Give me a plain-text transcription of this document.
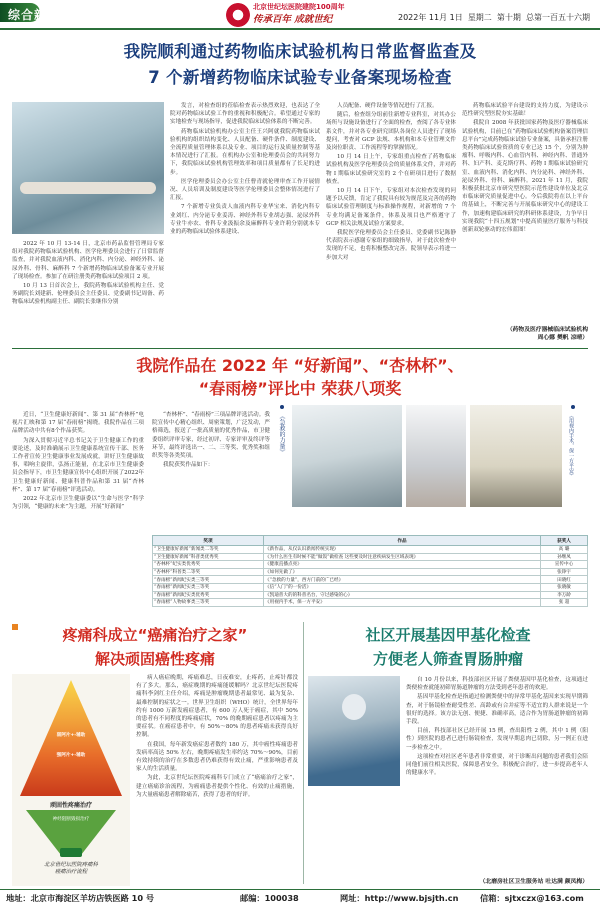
综合新闻
北京世纪坛医院建院100周年
传承百年 成就世纪	2022年 11月 1日 星期二 第十期 总第一百五十六期
我院顺利通过药物临床试验机构日常监督监查及
7 个新增药物临床试验专业备案现场检查

2022 年 10 月 13-14 日，北京市药品监督管理局专家组对我院药物临床试验机构、医学伦理委员会进行了日常监督监查，并对我院血液内科、消化内科、内分泌、神经外科、泌尿外科、骨科、麻醉科 7 个新增药物临床试验备案专业开展了现场检查。参加了在研注册类药物临床试验项目 2 项。

10 月 13 日首次会上，我院药物临床试验机构主任、党务副院长刘建新、伦理委员会主任委员、党委副书记周备、药物临床试验机构副主任、副院长张继伟分别

发言，对检查组的莅临检查表示热烈欢迎，也表达了全院对药物临床试验工作的重视和积极配合。希望通过专家的实地检查与现场指导，促进我院临床试验体系的不断完善。

药物临床试验机构办公室主任王兴阿就我院药物临床试验机构的组织结构变化、人员配备、硬件条件、制度建设、全流程质量管理体系以及专业、项目的运行及质量控制等基本情况进行了汇报。在机构办公室和伦理委员会的共同努力下，我院临床试验机构管理效率和项目质量都有了长足的进步。

医学伦理委员会办公室主任曹青就伦理审查工作开展情况、人员培训及制度建设等医学伦理委员会整体情况进行了汇报。

7 个新增专业负责人血液内科专业华宝来、消化内科专业刘红、内分泌专业姜涛、神经外科专业胡志强、泌尿外科专业牛亦农、骨科专业汲振余及麻醉科专业许莉分别就本专业的药物临床试验体系建设、

人员配备、硬件设备等情况进行了汇报。

随后，检查组分组前往新增专业科室，对其办公场所与设施设备进行了全面的检查，查阅了各专业体系文件，并对各专业研究团队各岗位人员进行了现场提问，考查对 GCP 法规、本机构和本专业管理文件及岗位职责、工作流程等的掌握情况。

10 月 14 日上午，专家组重点检查了药物临床试验机构及医学伦理委员会的质量体系文件，并对药物 I 期临床试验研究室的 2 个在研项目进行了数据核查。

10 月 14 日下午，专家组对本次检查发现的问题予以反馈，肯定了我院具有较为规范及完善的药物临床试验管理制度与标准操作规程，对新增的 7 个专业均满足备案条件，体系及项目也严格遵守了 GCP 相关法规及试验方案要求。

我院医学伦理委员会主任委员、党委副书记陈静代表院表示感谢专家组的细致指导，对于此次检查中发现的不足，也将积极整改完善。院领导表示将进一步加大对

药物临床试验平台建设的支持力度，为建设示范性研究型医院夯实基础！

我院自 2008 年获批国家药物及医疗器械临床试验机构，目前已在“药物临床试验机构备案管理信息平台”完成药物临床试验专业备案，具备承担注册类药物临床试验资质的专业已达 15 个，分别为肿瘤科、呼吸内科、心血管内科、神经内科、普通外科、妇产科、麦克斯疗科、药物 I 期临床试验研究室、血液内科、消化内科、内分泌科、神经外科、泌尿外科、骨科、麻醉科。2021 年 11 月，我院积极获批北京市研究型医院示范性建设单位及北京市临床研究质量促进中心。今后我院将在以上平台的基础上，不断完善与开展临床研究中心的建设工作，加速构建临床研究的科研体系建设，力争早日实现我院“十四五规划”中提高质量医疗服务与科技创新双轮驱动的宏伟蓝图！

（药物及医疗器械临床试验机构
周心娜 樊帆 凉晴）
我院作品在 2022 年 “好新闻”、“杏林杯”、
“春雨榜”评比中 荣获八项奖

近日，“卫生健康好新闻”、第 31 届“杏林杯”电视片汇映和第 17 届“春雨榜”揭晓。我院作品在三项品牌活动中共有8个作品获奖。

为深入贯彻习近平总书记关于卫生健康工作的重要论述，及时准确展示卫生健康系统宣传干部、医务工作者宣传卫生健康事业发展成就，讲好卫生健康故事，唱响主旋律，弘扬正能量，在北京市卫生健康委员会指导下，市卫生健康宣传中心组织开展了2022年卫生健康好新闻、健康科普作品和第 31 届“杏林杯”、第 17 届“春雨榜”评选活动。

2022 年北京市卫生健康委以“生命与医学”科学为引领，“健康的未来”为主题，开展“好新闻”

“杏林杯”、“春雨榜”三项品牌评选活动。我院宣传中心精心组织、周密策划，广泛发动，严格筛选，报送了一批高质量的优秀作品，市卫健委组织评审专家，经过初评、专家评审及终评等环节，最终评选出一、二、三等奖、优秀奖和组织奖等各类奖项。

我院获奖作品如下：

《急救的力量》	《用视内手术，保一方平安》
奖项	作品	获奖人
“卫生健康好新闻”新闻类二等奖	《新作品，从仅认识新闻传统实现》	高 璐
“卫生健康好新闻”科普类优秀奖	《为什么医生有时候不能“做饭”做检查 这些要及时注意疾病发生区域表现》	孙继凤
“杏林杯”纪实类优秀奖	《健康直播点亮》	宣传中心
“杏林杯”科普类二等奖	《如何先做了》	张铮宇
“春雨榜”新闻纪实类三等奖	《“急救的力量”，西方门前的广已经》	田晓红
“春雨榜”新闻纪实类三等奖	《信“人门”的一份活》	张晓敏
“春雨榜”新闻纪实类优秀奖	《凯迪普大的的科普名台，守过感染的心》	李万龄
“春雨榜”人物故事类三等奖	《用视内手术，保一方平安》	张 超
疼痛科成立“癌痛治疗之家”
解决顽固癌性疼痛
弱阿片+-辅助
强阿片+-辅助
顽固性疼痛治疗
神经阻断毁损治疗
北京世纪坛医院疼痛科
癌痛治疗流程

病人癌症晚期，疼痛难忍，日夜难安，止疼药，止疼针都没有了多大。那么，癌症晚期的疼痛能缓解吗？北京世纪坛医院疼痛科李剑红主任介绍，疼痛是肿瘤晚期患者最常见、最为复杂、最难控制的症状之一。世界卫生组织（WHO）统计，全世界每年约有 1000 万新发癌症患者，有 600 万人死于癌症，其中 50% 的患者有不同程度的疼痛症状，70% 的晚期癌症患者以疼痛为主要症状。在癌症患者中，有 50%～80% 的患者疼痛未获得良好控制。

在我国，每年新发癌症患者数约 180 万，其中癌性疼痛患者发病率高达 50% 左右，晚期疼痛发生率约达 70%～90%，目前有效持续的治疗在多数患者仍难获得有效止痛，严重影响患者及家人的生活质量。

为此，北京世纪坛医院疼痛科专门成立了“癌痛治疗之家”，建立癌痛诊治流程，为癌痛患者提供个性化、有效的止痛措施，为大量癌痛患者解除痛苦，获得了患者的好评。

社区开展基因甲基化检查
方便老人筛查胃肠肿瘤

自 10 月份以来，科技部社区开展了粪便基因甲基化检查，这项通过粪便检查就能初筛胃肠道肿瘤的方法受到老年患者的欢迎。

基因甲基化检查是指通过检测粪便中的异常甲基化基因来实现早期筛查，对于肠镜检查耐受性差、高龄或有合并症等不适宜的人群来说是一个很好的选择。该方法无创、便捷、准确率高，适合作为胃肠道肿瘤的初筛手段。

目前，科技部社区已经开展 15 例，查出阳性 2 例，其中 1 例（阳性）到医院的患者已进行肠镜检查，发现早期息肉已切除，另一例正在进一步检查之中。

这项检查对社区老年患者非常重要，对于诊断出问题的患者我们会陪同他们前往相关医院，保障患者安全，积极配合治疗，进一步提高老年人的健康水平。

（北磨房社区卫生服务站 吐达满 颜凤梅）
地址：北京市海淀区羊坊店铁医路 10 号	邮编：100038	网址：http://www.bjsjth.cn	信箱：sjtxczx@163.com
